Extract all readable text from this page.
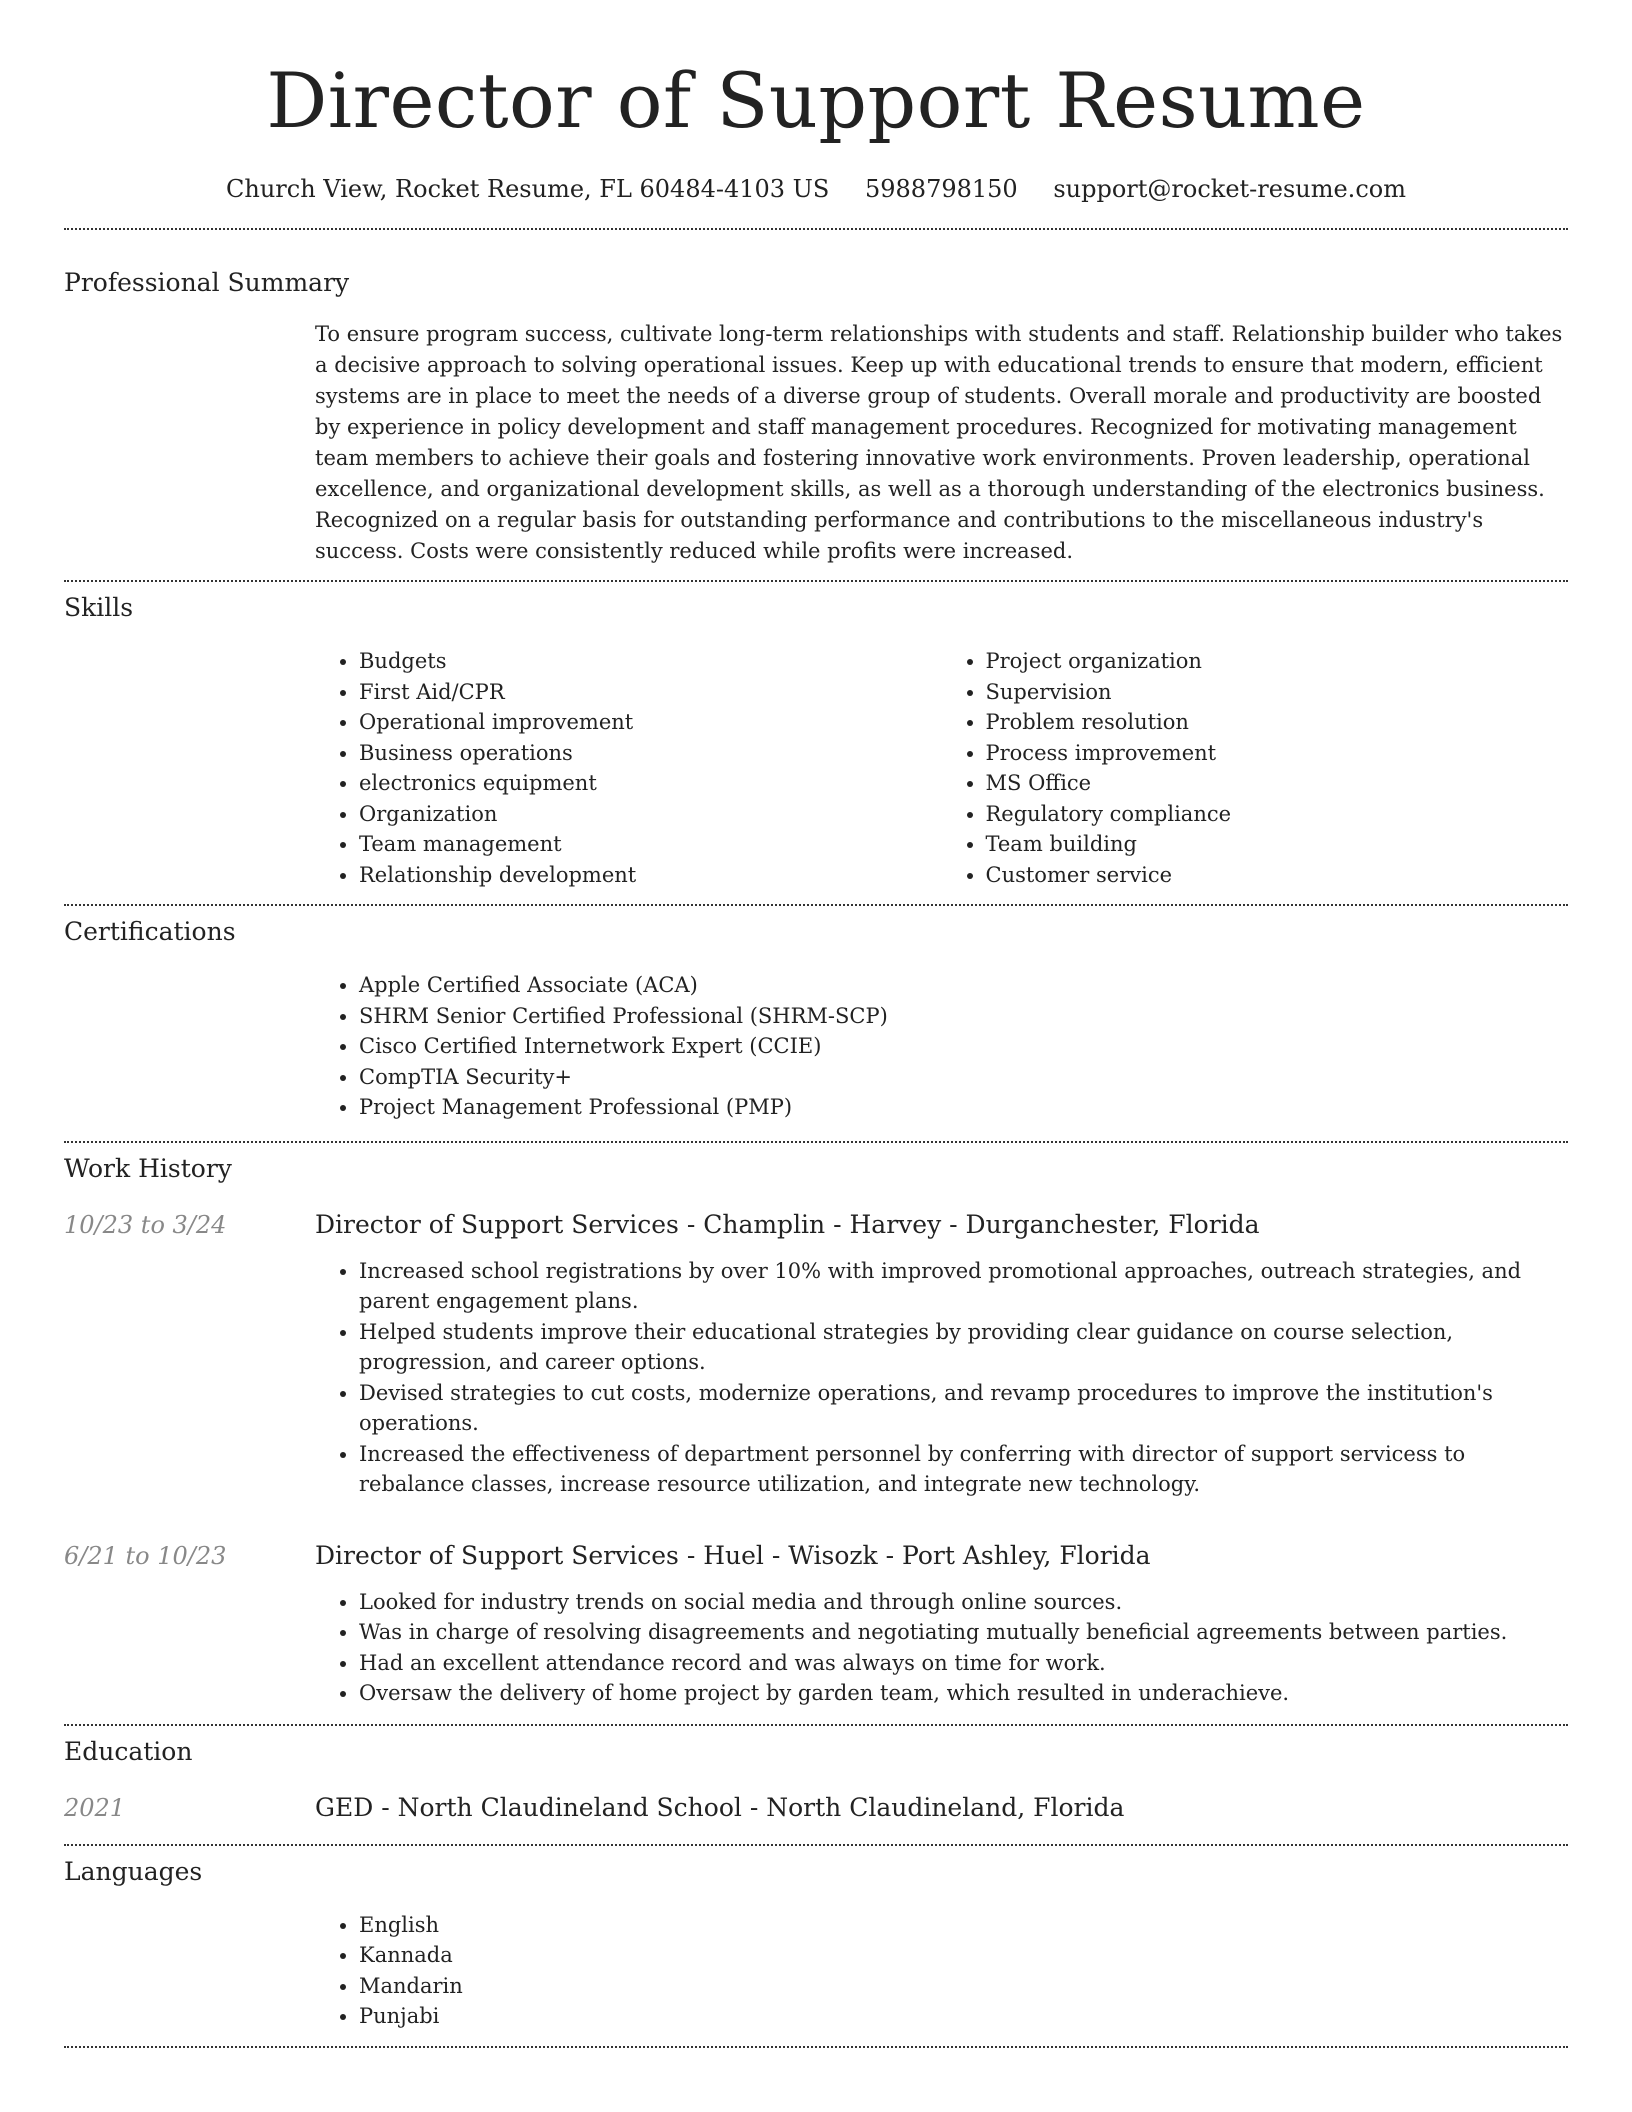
Director of Support Resume
Church View, Rocket Resume, FL 60484-4103 US 5988798150 support@rocket-resume.com
Professional Summary

To ensure program success, cultivate long-term relationships with students and staff. Relationship builder who takes a decisive approach to solving operational issues. Keep up with educational trends to ensure that modern, efficient systems are in place to meet the needs of a diverse group of students. Overall morale and productivity are boosted by experience in policy development and staff management procedures. Recognized for motivating management team members to achieve their goals and fostering innovative work environments. Proven leadership, operational excellence, and organizational development skills, as well as a thorough understanding of the electronics business. Recognized on a regular basis for outstanding performance and contributions to the miscellaneous industry's success. Costs were consistently reduced while profits were increased.

Skills
• Budgets
• First Aid/CPR
• Operational improvement
• Business operations
• electronics equipment
• Organization
• Team management
• Relationship development
• Project organization
• Supervision
• Problem resolution
• Process improvement
• MS Office
• Regulatory compliance
• Team building
• Customer service
Certifications
• Apple Certified Associate (ACA)
• SHRM Senior Certified Professional (SHRM-SCP)
• Cisco Certified Internetwork Expert (CCIE)
• CompTIA Security+
• Project Management Professional (PMP)
Work History
10/23 to 3/24	Director of Support Services - Champlin - Harvey - Durganchester, Florida
• Increased school registrations by over 10% with improved promotional approaches, outreach strategies, and parent engagement plans.
• Helped students improve their educational strategies by providing clear guidance on course selection, progression, and career options.
• Devised strategies to cut costs, modernize operations, and revamp procedures to improve the institution's operations.
• Increased the effectiveness of department personnel by conferring with director of support servicess to rebalance classes, increase resource utilization, and integrate new technology.
6/21 to 10/23	Director of Support Services - Huel - Wisozk - Port Ashley, Florida
• Looked for industry trends on social media and through online sources.
• Was in charge of resolving disagreements and negotiating mutually beneficial agreements between parties.
• Had an excellent attendance record and was always on time for work.
• Oversaw the delivery of home project by garden team, which resulted in underachieve.
Education
2021	GED - North Claudineland School - North Claudineland, Florida
Languages
• English
• Kannada
• Mandarin
• Punjabi
